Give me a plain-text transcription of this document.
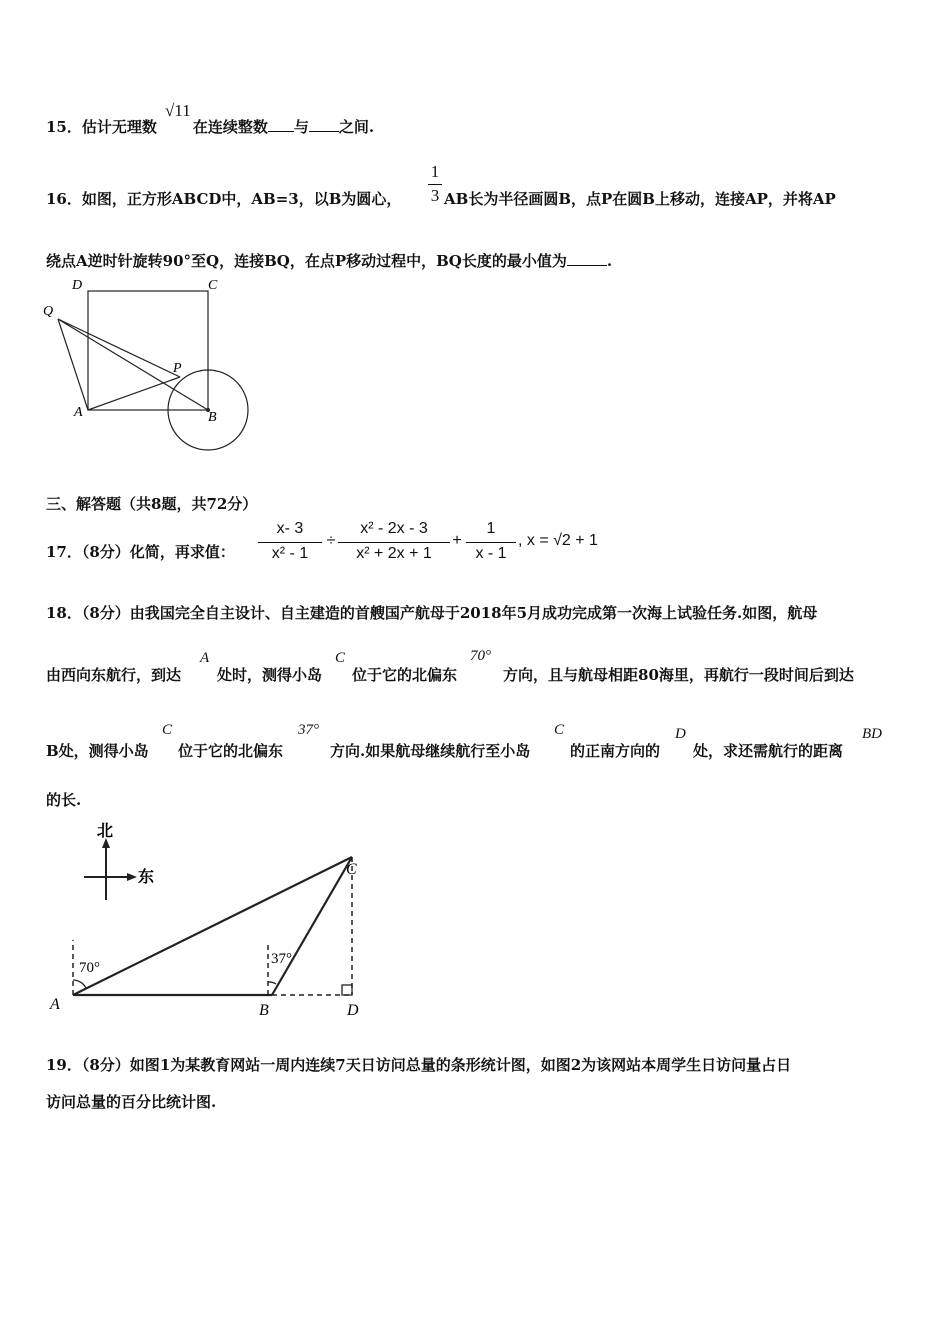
15．估计无理数 在连续整数 与 之间.
√11
16．如图，正方形ABCD中，AB=3，以B为圆心，
1
3 AB长为半径画圆B，点P在圆B上移动，连接AP，并将AP
绕点A逆时针旋转90°至Q，连接BQ，在点P移动过程中，BQ长度的最小值为	.
D	C
Q
P
A	B
三、解答题（共8题，共72分）
17．（8分）化简，再求值：
x- 3
x² - 1
÷
x² - 2x - 3
x² + 2x + 1
+
1
x - 1
, x = √2 + 1
18．（8分）由我国完全自主设计、自主建造的首艘国产航母于2018年5月成功完成第一次海上试验任务.如图，航母
由西向东航行，到达
A
处时，测得小岛
C
位于它的北偏东
70°
方向，且与航母相距80海里，再航行一段时间后到达
B处，测得小岛
C
位于它的北偏东
37°
方向.如果航母继续航行至小岛
C
的正南方向的
D
处，求还需航行的距离
BD
的长.
北
东
70°
37°
A	B
C
D
19．（8分）如图1为某教育网站一周内连续7天日访问总量的条形统计图，如图2为该网站本周学生日访问量占日
访问总量的百分比统计图.
